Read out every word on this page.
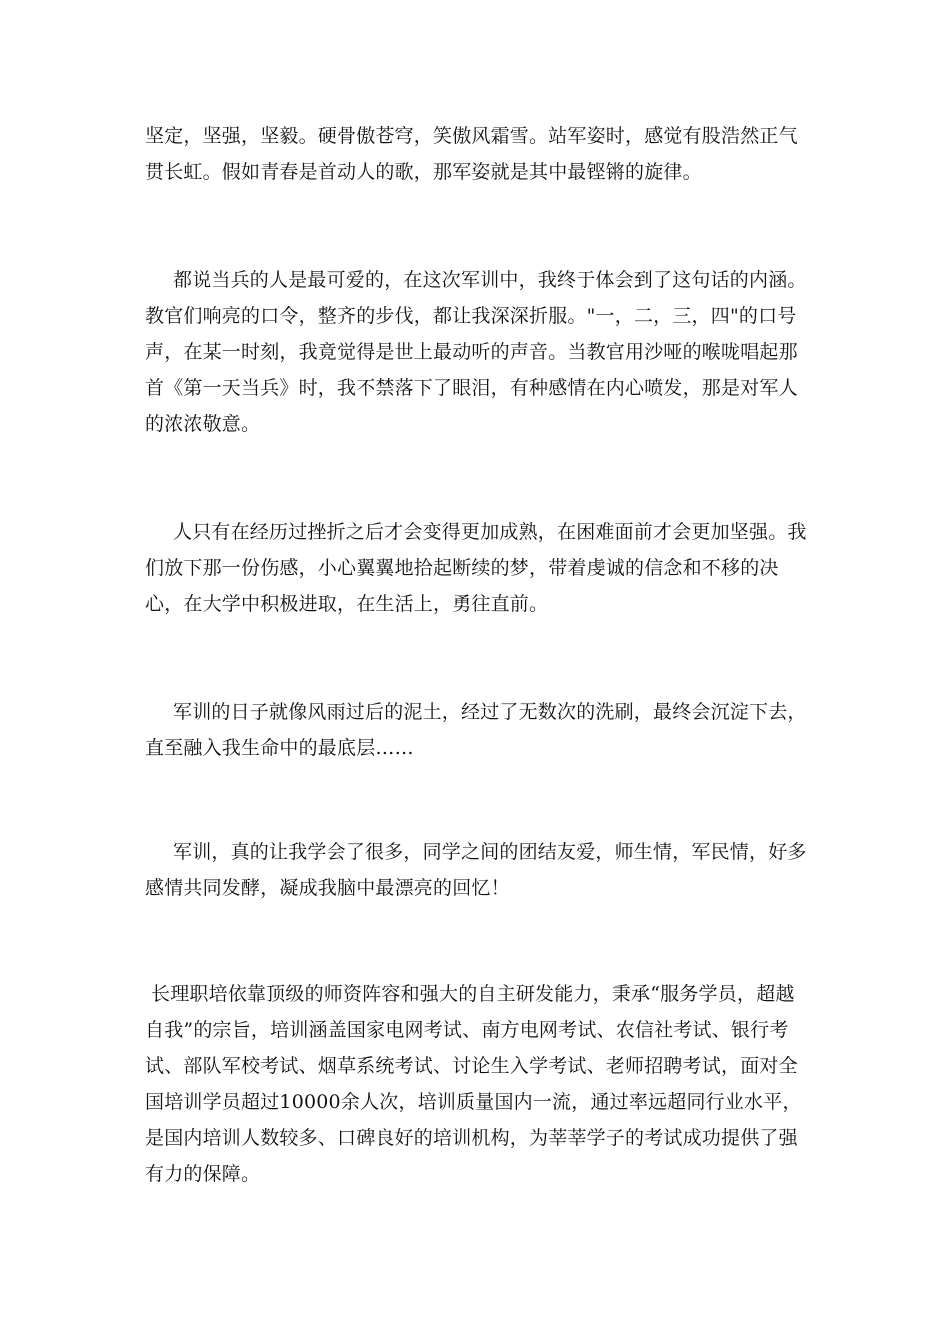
坚定，坚强，坚毅。硬骨傲苍穹，笑傲风霜雪。站军姿时，感觉有股浩然正气贯长虹。假如青春是首动人的歌，那军姿就是其中最铿锵的旋律。

都说当兵的人是最可爱的，在这次军训中，我终于体会到了这句话的内涵。教官们响亮的口令，整齐的步伐，都让我深深折服。"一，二，三，四"的口号声，在某一时刻，我竟觉得是世上最动听的声音。当教官用沙哑的喉咙唱起那首《第一天当兵》时，我不禁落下了眼泪，有种感情在内心喷发，那是对军人的浓浓敬意。

人只有在经历过挫折之后才会变得更加成熟，在困难面前才会更加坚强。我们放下那一份伤感，小心翼翼地拾起断续的梦，带着虔诚的信念和不移的决心，在大学中积极进取，在生活上，勇往直前。

军训的日子就像风雨过后的泥土，经过了无数次的洗刷，最终会沉淀下去，直至融入我生命中的最底层……

军训，真的让我学会了很多，同学之间的团结友爱，师生情，军民情，好多感情共同发酵，凝成我脑中最漂亮的回忆！

长理职培依靠顶级的师资阵容和强大的自主研发能力，秉承“服务学员，超越自我”的宗旨，培训涵盖国家电网考试、南方电网考试、农信社考试、银行考试、部队军校考试、烟草系统考试、讨论生入学考试、老师招聘考试，面对全国培训学员超过10000余人次，培训质量国内一流，通过率远超同行业水平，是国内培训人数较多、口碑良好的培训机构，为莘莘学子的考试成功提供了强有力的保障。
